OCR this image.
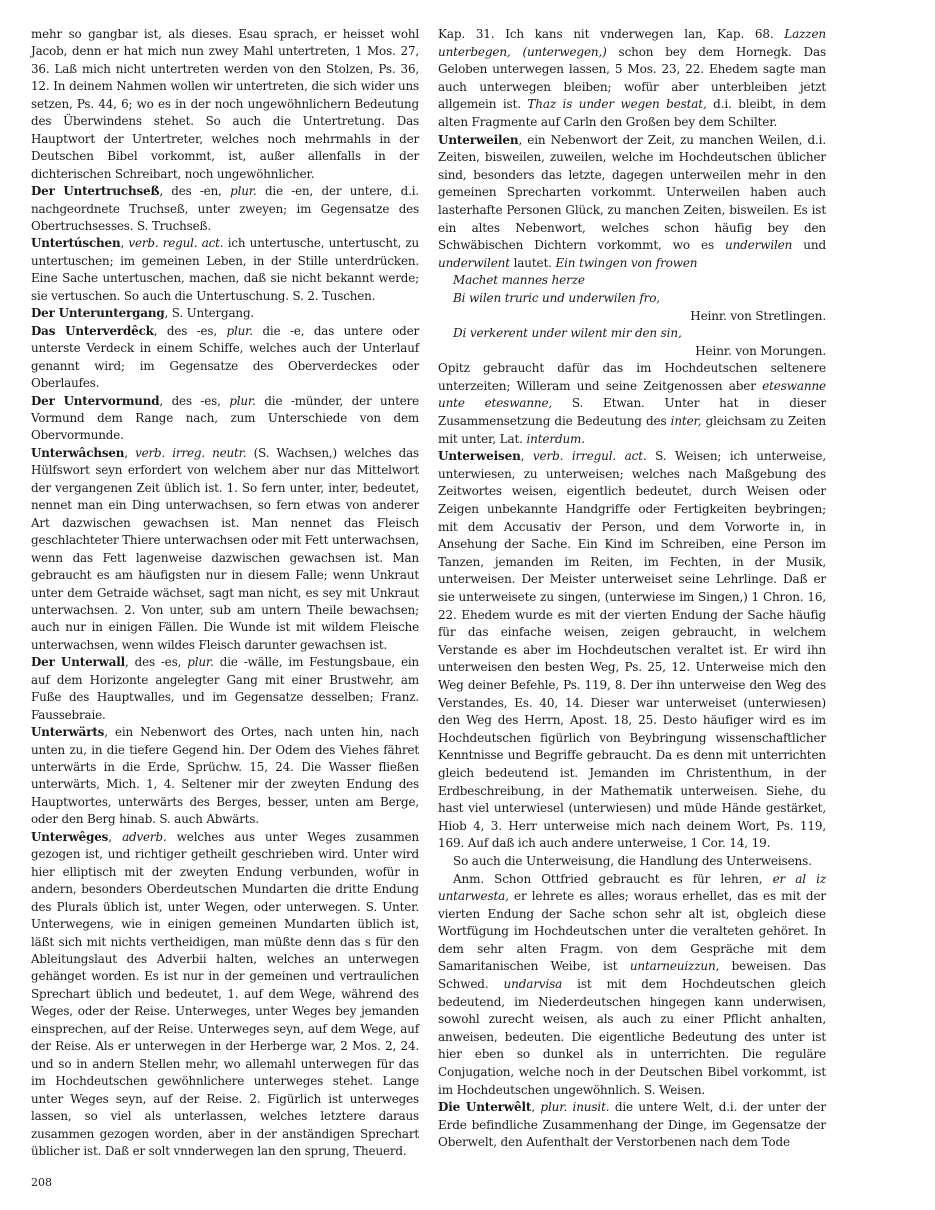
mehr so gangbar ist, als dieses. Esau sprach, er heisset wohl Jacob, denn er hat mich nun zwey Mahl untertreten, 1 Mos. 27, 36. Laß mich nicht untertreten werden von den Stolzen, Ps. 36, 12. In deinem Nahmen wollen wir untertreten, die sich wider uns setzen, Ps. 44, 6; wo es in der noch ungewöhnlichern Bedeutung des Überwindens stehet. So auch die Untertretung. Das Hauptwort der Untertreter, welches noch mehrmahls in der Deutschen Bibel vorkommt, ist, außer allenfalls in der dichterischen Schreibart, noch ungewöhnlicher.

Der Untertruchseß, des -en, plur. die -en, der untere, d.i. nachgeordnete Truchseß, unter zweyen; im Gegensatze des Obertruchsesses. S. Truchseß.

Untertúschen, verb. regul. act. ich untertusche, untertuscht, zu untertuschen; im gemeinen Leben, in der Stille unterdrücken. Eine Sache untertuschen, machen, daß sie nicht bekannt werde; sie vertuschen. So auch die Untertuschung. S. 2. Tuschen.

Der Unteruntergang, S. Untergang.

Das Unterverdêck, des -es, plur. die -e, das untere oder unterste Verdeck in einem Schiffe, welches auch der Unterlauf genannt wird; im Gegensatze des Oberverdeckes oder Oberlaufes.

Der Untervormund, des -es, plur. die -münder, der untere Vormund dem Range nach, zum Unterschiede von dem Obervormunde.

Unterwâchsen, verb. irreg. neutr. (S. Wachsen,) welches das Hülfswort seyn erfordert von welchem aber nur das Mittelwort der vergangenen Zeit üblich ist. 1. So fern unter, inter, bedeutet, nennet man ein Ding unterwachsen, so fern etwas von anderer Art dazwischen gewachsen ist. Man nennet das Fleisch geschlachteter Thiere unterwachsen oder mit Fett unterwachsen, wenn das Fett lagenweise dazwischen gewachsen ist. Man gebraucht es am häufigsten nur in diesem Falle; wenn Unkraut unter dem Getraide wächset, sagt man nicht, es sey mit Unkraut unterwachsen. 2. Von unter, sub am untern Theile bewachsen; auch nur in einigen Fällen. Die Wunde ist mit wildem Fleische unterwachsen, wenn wildes Fleisch darunter gewachsen ist.

Der Unterwall, des -es, plur. die -wälle, im Festungsbaue, ein auf dem Horizonte angelegter Gang mit einer Brustwehr, am Fuße des Hauptwalles, und im Gegensatze desselben; Franz. Faussebraie.

Unterwärts, ein Nebenwort des Ortes, nach unten hin, nach unten zu, in die tiefere Gegend hin. Der Odem des Viehes fähret unterwärts in die Erde, Sprüchw. 15, 24. Die Wasser fließen unterwärts, Mich. 1, 4. Seltener mir der zweyten Endung des Hauptwortes, unterwärts des Berges, besser, unten am Berge, oder den Berg hinab. S. auch Abwärts.

Unterwêges, adverb. welches aus unter Weges zusammen gezogen ist, und richtiger getheilt geschrieben wird. Unter wird hier elliptisch mit der zweyten Endung verbunden, wofür in andern, besonders Oberdeutschen Mundarten die dritte Endung des Plurals üblich ist, unter Wegen, oder unterwegen. S. Unter. Unterwegens, wie in einigen gemeinen Mundarten üblich ist, läßt sich mit nichts vertheidigen, man müßte denn das s für den Ableitungslaut des Adverbii halten, welches an unterwegen gehänget worden. Es ist nur in der gemeinen und vertraulichen Sprechart üblich und bedeutet, 1. auf dem Wege, während des Weges, oder der Reise. Unterweges, unter Weges bey jemanden einsprechen, auf der Reise. Unterweges seyn, auf dem Wege, auf der Reise. Als er unterwegen in der Herberge war, 2 Mos. 2, 24. und so in andern Stellen mehr, wo allemahl unterwegen für das im Hochdeutschen gewöhnlichere unterweges stehet. Lange unter Weges seyn, auf der Reise. 2. Figürlich ist unterweges lassen, so viel als unterlassen, welches letztere daraus zusammen gezogen worden, aber in der anständigen Sprechart üblicher ist. Daß er solt vnnderwegen lan den sprung, Theuerd.

Kap. 31. Ich kans nit vnderwegen lan, Kap. 68. Lazzen unterbegen, (unterwegen,) schon bey dem Hornegk. Das Geloben unterwegen lassen, 5 Mos. 23, 22. Ehedem sagte man auch unterwegen bleiben; wofür aber unterbleiben jetzt allgemein ist. Thaz is under wegen bestat, d.i. bleibt, in dem alten Fragmente auf Carln den Großen bey dem Schilter.

Unterweilen, ein Nebenwort der Zeit, zu manchen Weilen, d.i. Zeiten, bisweilen, zuweilen, welche im Hochdeutschen üblicher sind, besonders das letzte, dagegen unterweilen mehr in den gemeinen Sprecharten vorkommt. Unterweilen haben auch lasterhafte Personen Glück, zu manchen Zeiten, bisweilen. Es ist ein altes Nebenwort, welches schon häufig bey den Schwäbischen Dichtern vorkommt, wo es underwilen und underwilent lautet. Ein twingen von frowen

Machet mannes herze

Bi wilen truric und underwilen fro,

Heinr. von Stretlingen.

Di verkerent under wilent mir den sin,

Heinr. von Morungen.

Opitz gebraucht dafür das im Hochdeutschen seltenere unterzeiten; Willeram und seine Zeitgenossen aber eteswanne unte eteswanne, S. Etwan. Unter hat in dieser Zusammensetzung die Bedeutung des inter, gleichsam zu Zeiten mit unter, Lat. interdum.

Unterweisen, verb. irregul. act. S. Weisen; ich unterweise, unterwiesen, zu unterweisen; welches nach Maßgebung des Zeitwortes weisen, eigentlich bedeutet, durch Weisen oder Zeigen unbekannte Handgriffe oder Fertigkeiten beybringen; mit dem Accusativ der Person, und dem Vorworte in, in Ansehung der Sache. Ein Kind im Schreiben, eine Person im Tanzen, jemanden im Reiten, im Fechten, in der Musik, unterweisen. Der Meister unterweiset seine Lehrlinge. Daß er sie unterweisete zu singen, (unterwiese im Singen,) 1 Chron. 16, 22. Ehedem wurde es mit der vierten Endung der Sache häufig für das einfache weisen, zeigen gebraucht, in welchem Verstande es aber im Hochdeutschen veraltet ist. Er wird ihn unterweisen den besten Weg, Ps. 25, 12. Unterweise mich den Weg deiner Befehle, Ps. 119, 8. Der ihn unterweise den Weg des Verstandes, Es. 40, 14. Dieser war unterweiset (unterwiesen) den Weg des Herrn, Apost. 18, 25. Desto häufiger wird es im Hochdeutschen figürlich von Beybringung wissenschaftlicher Kenntnisse und Begriffe gebraucht. Da es denn mit unterrichten gleich bedeutend ist. Jemanden im Christenthum, in der Erdbeschreibung, in der Mathematik unterweisen. Siehe, du hast viel unterwiesel (unterwiesen) und müde Hände gestärket, Hiob 4, 3. Herr unterweise mich nach deinem Wort, Ps. 119, 169. Auf daß ich auch andere unterweise, 1 Cor. 14, 19.

So auch die Unterweisung, die Handlung des Unterweisens.

Anm. Schon Ottfried gebraucht es für lehren, er al iz untarwesta, er lehrete es alles; woraus erhellet, das es mit der vierten Endung der Sache schon sehr alt ist, obgleich diese Wortfügung im Hochdeutschen unter die veralteten gehöret. In dem sehr alten Fragm. von dem Gespräche mit dem Samaritanischen Weibe, ist untarneuizzun, beweisen. Das Schwed. undarvisa ist mit dem Hochdeutschen gleich bedeutend, im Niederdeutschen hingegen kann underwisen, sowohl zurecht weisen, als auch zu einer Pflicht anhalten, anweisen, bedeuten. Die eigentliche Bedeutung des unter ist hier eben so dunkel als in unterrichten. Die reguläre Conjugation, welche noch in der Deutschen Bibel vorkommt, ist im Hochdeutschen ungewöhnlich. S. Weisen.

Die Unterwêlt, plur. inusit. die untere Welt, d.i. der unter der Erde befindliche Zusammenhang der Dinge, im Gegensatze der Oberwelt, den Aufenthalt der Verstorbenen nach dem Tode

208
